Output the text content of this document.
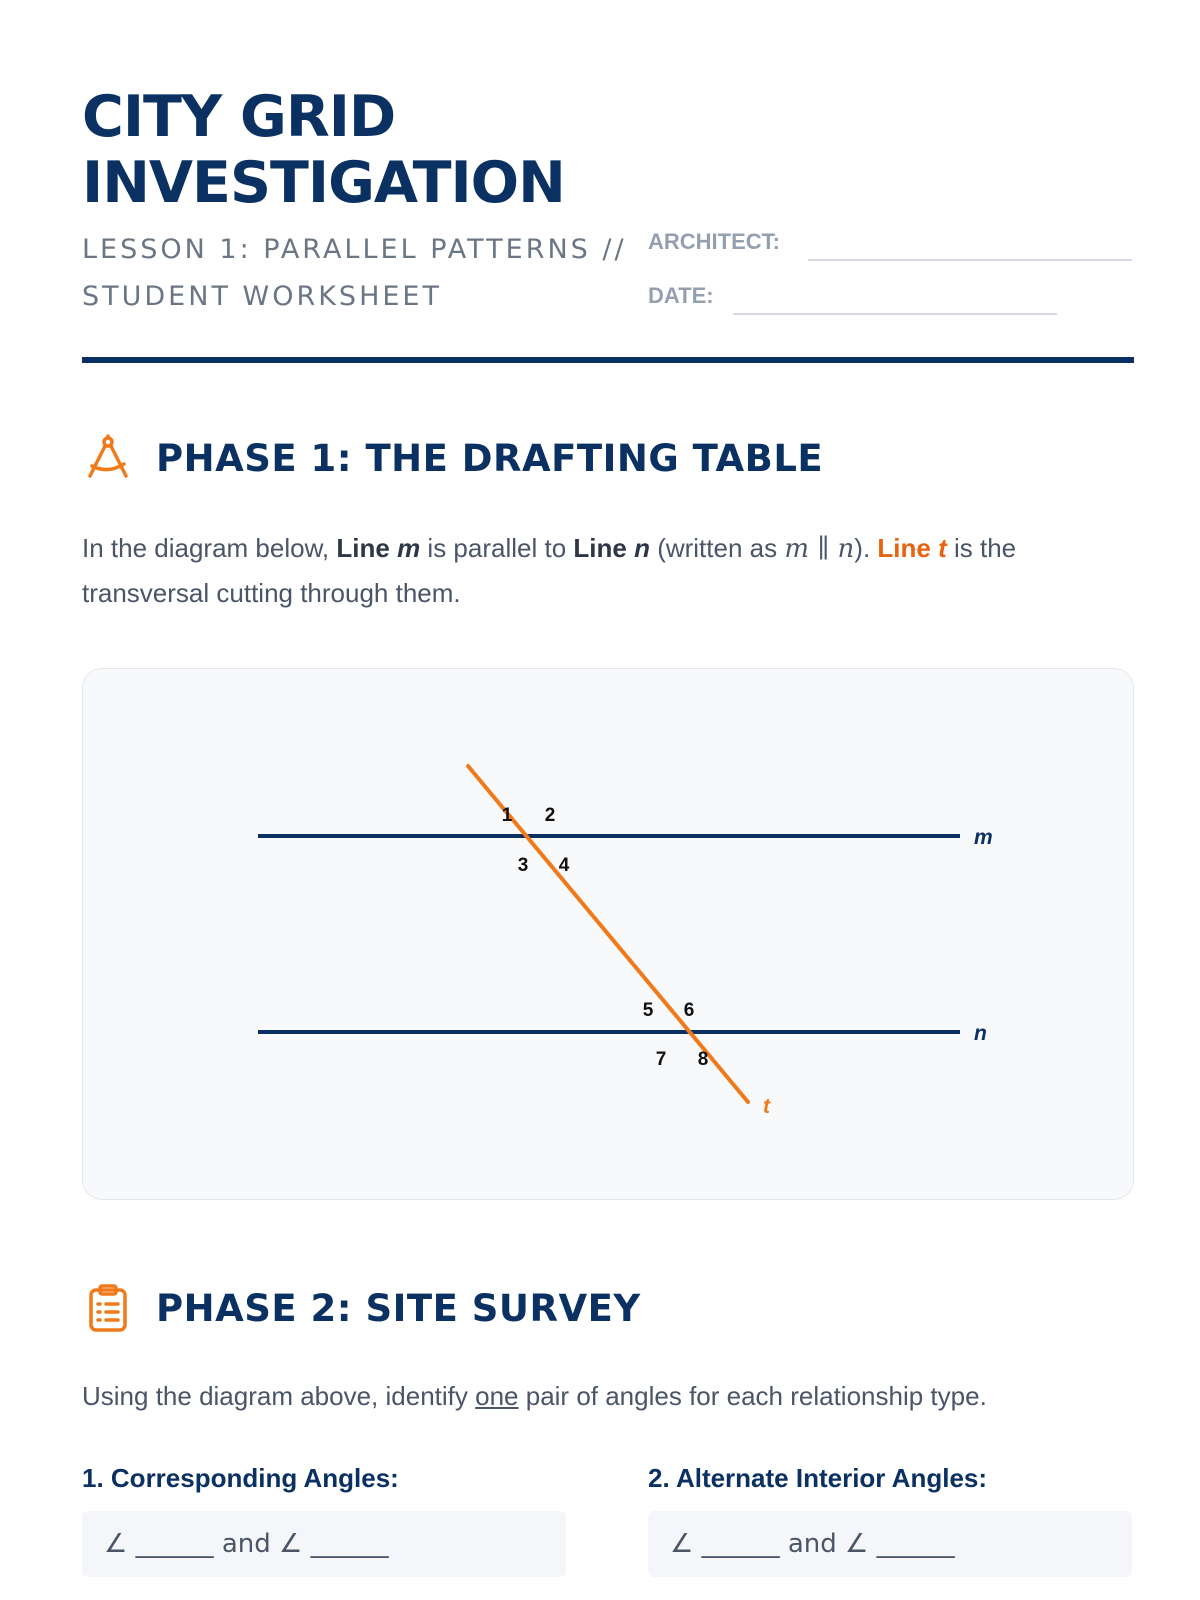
CITY GRID INVESTIGATION

LESSON 1: PARALLEL PATTERNS // STUDENT WORKSHEET

ARCHITECT:
DATE:
PHASE 1: THE DRAFTING TABLE
In the diagram below, Line m is parallel to Line n (written as m ∥ n). Line t is the transversal cutting through them.
m
n
t
1 2
3 4
5 6
7 8
PHASE 2: SITE SURVEY
Using the diagram above, identify one pair of angles for each relationship type.
1. Corresponding Angles:
∠ ______ and ∠ ______
2. Alternate Interior Angles:
∠ ______ and ∠ ______
